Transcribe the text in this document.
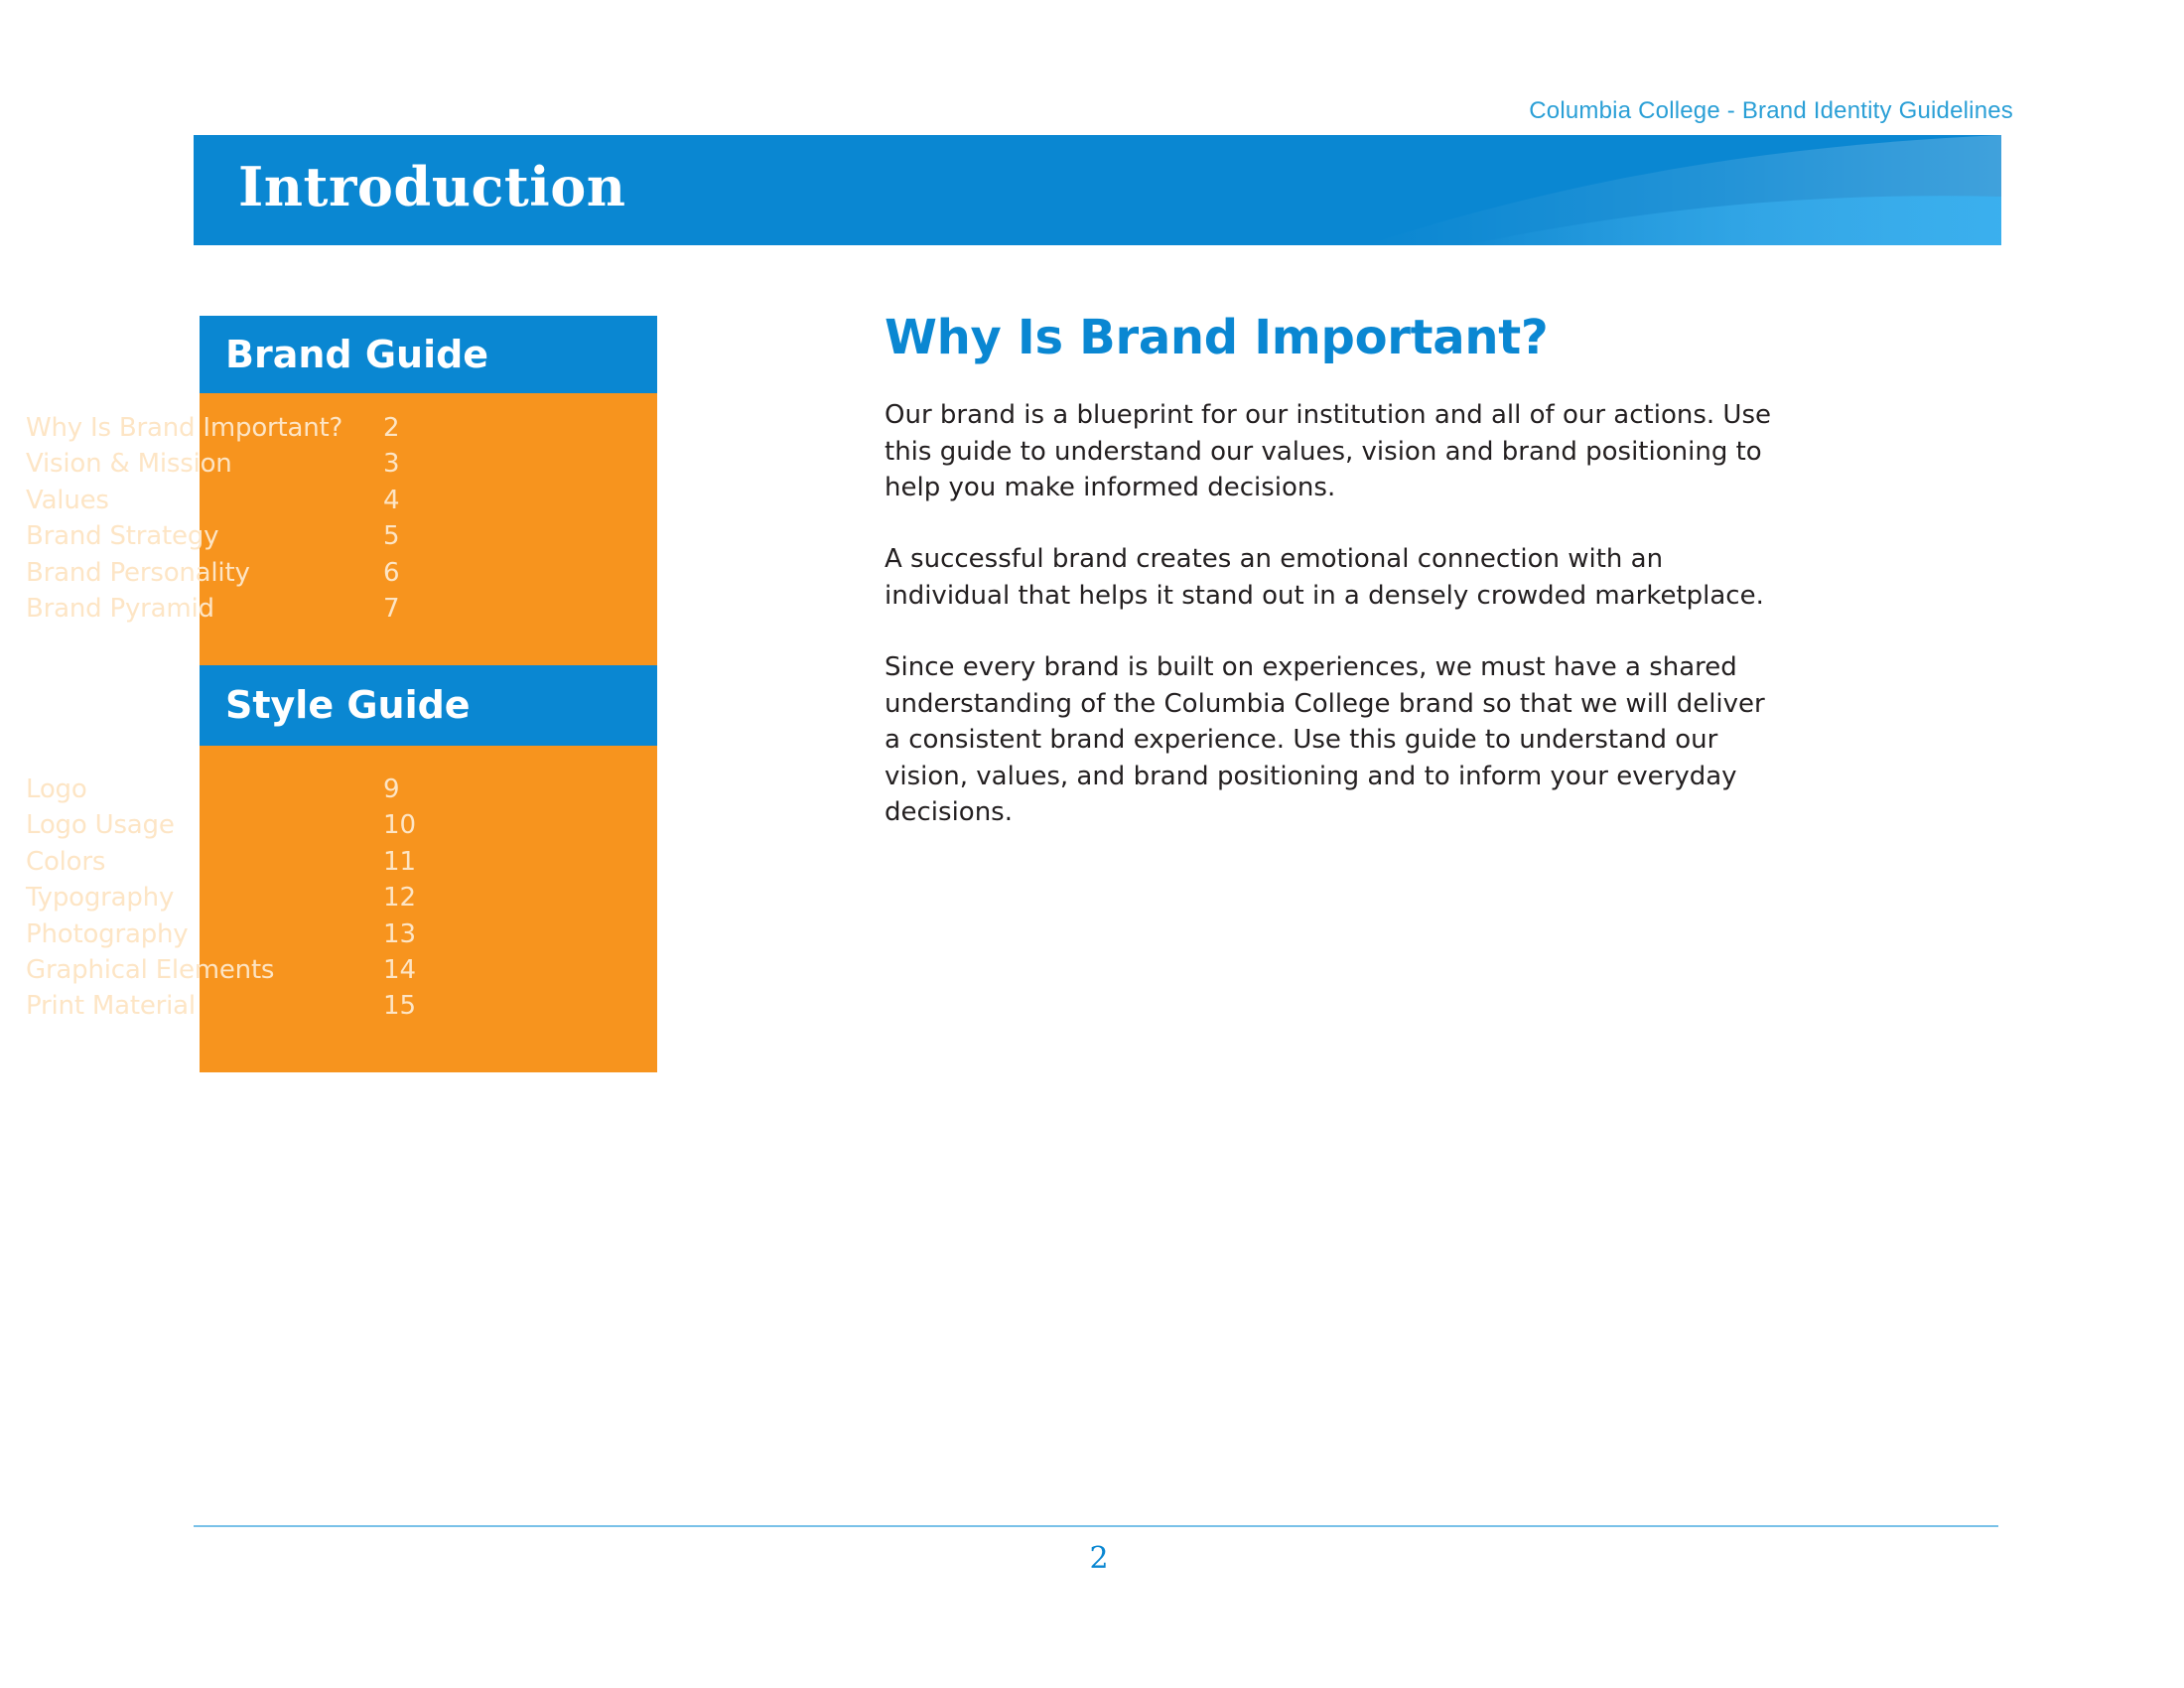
Columbia College - Brand Identity Guidelines
Introduction
Brand Guide
Style Guide
Why Is Brand Important? 2
Vision & Mission	3
Values	4
Brand Strategy	5
Brand Personality	6
Brand Pyramid	7
Logo	9
Logo Usage	10
Colors	11
Typography	12
Photography	13
Graphical Elements	14
Print Material	15
Why Is Brand Important?

Our brand is a blueprint for our institution and all of our actions. Use this guide to understand our values, vision and brand positioning to help you make informed decisions.

A successful brand creates an emotional connection with an individual that helps it stand out in a densely crowded marketplace.

Since every brand is built on experiences, we must have a shared understanding of the Columbia College brand so that we will deliver a consistent brand experience. Use this guide to understand our vision, values, and brand positioning and to inform your everyday decisions.

2
